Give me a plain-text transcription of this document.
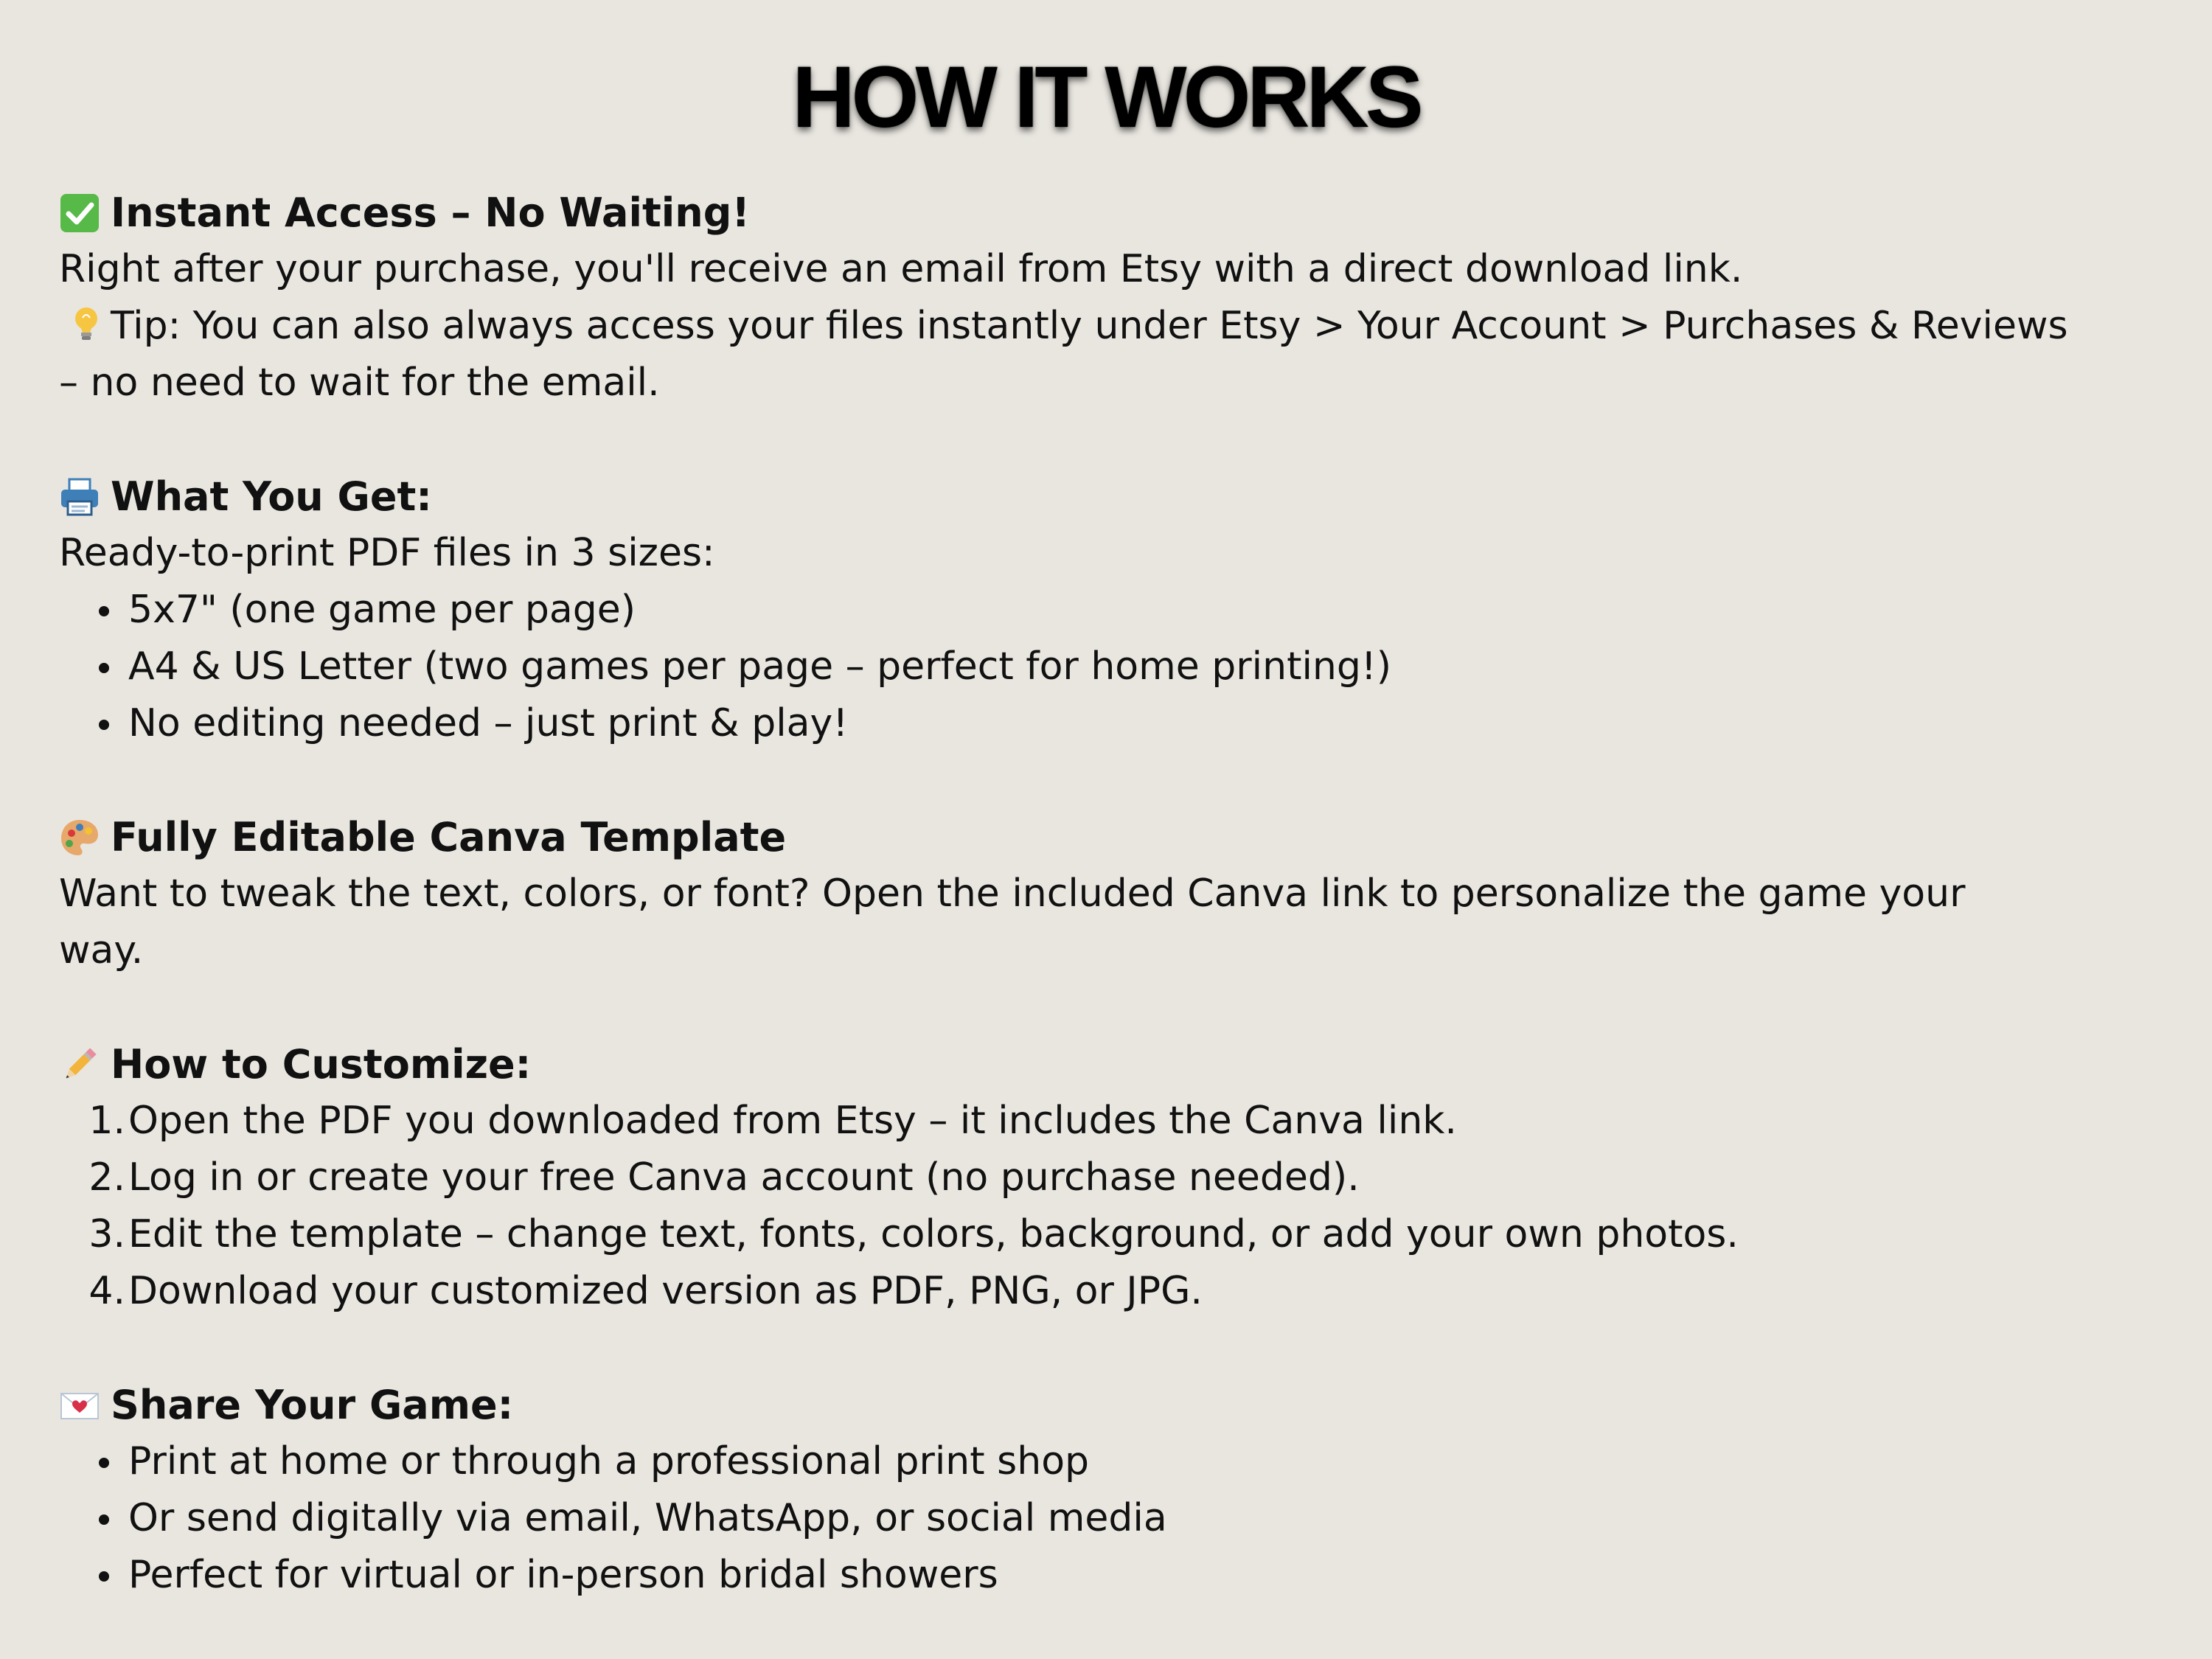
HOW IT WORKS
Instant Access – No Waiting!
Right after your purchase, you'll receive an email from Etsy with a direct download link.
Tip: You can also always access your files instantly under Etsy > Your Account > Purchases & Reviews
– no need to wait for the email.
What You Get:
Ready-to-print PDF files in 3 sizes:
5x7" (one game per page)
A4 & US Letter (two games per page – perfect for home printing!)
No editing needed – just print & play!
Fully Editable Canva Template
Want to tweak the text, colors, or font? Open the included Canva link to personalize the game your
way.
How to Customize:
1. Open the PDF you downloaded from Etsy – it includes the Canva link.
2. Log in or create your free Canva account (no purchase needed).
3. Edit the template – change text, fonts, colors, background, or add your own photos.
4. Download your customized version as PDF, PNG, or JPG.
Share Your Game:
Print at home or through a professional print shop
Or send digitally via email, WhatsApp, or social media
Perfect for virtual or in-person bridal showers
